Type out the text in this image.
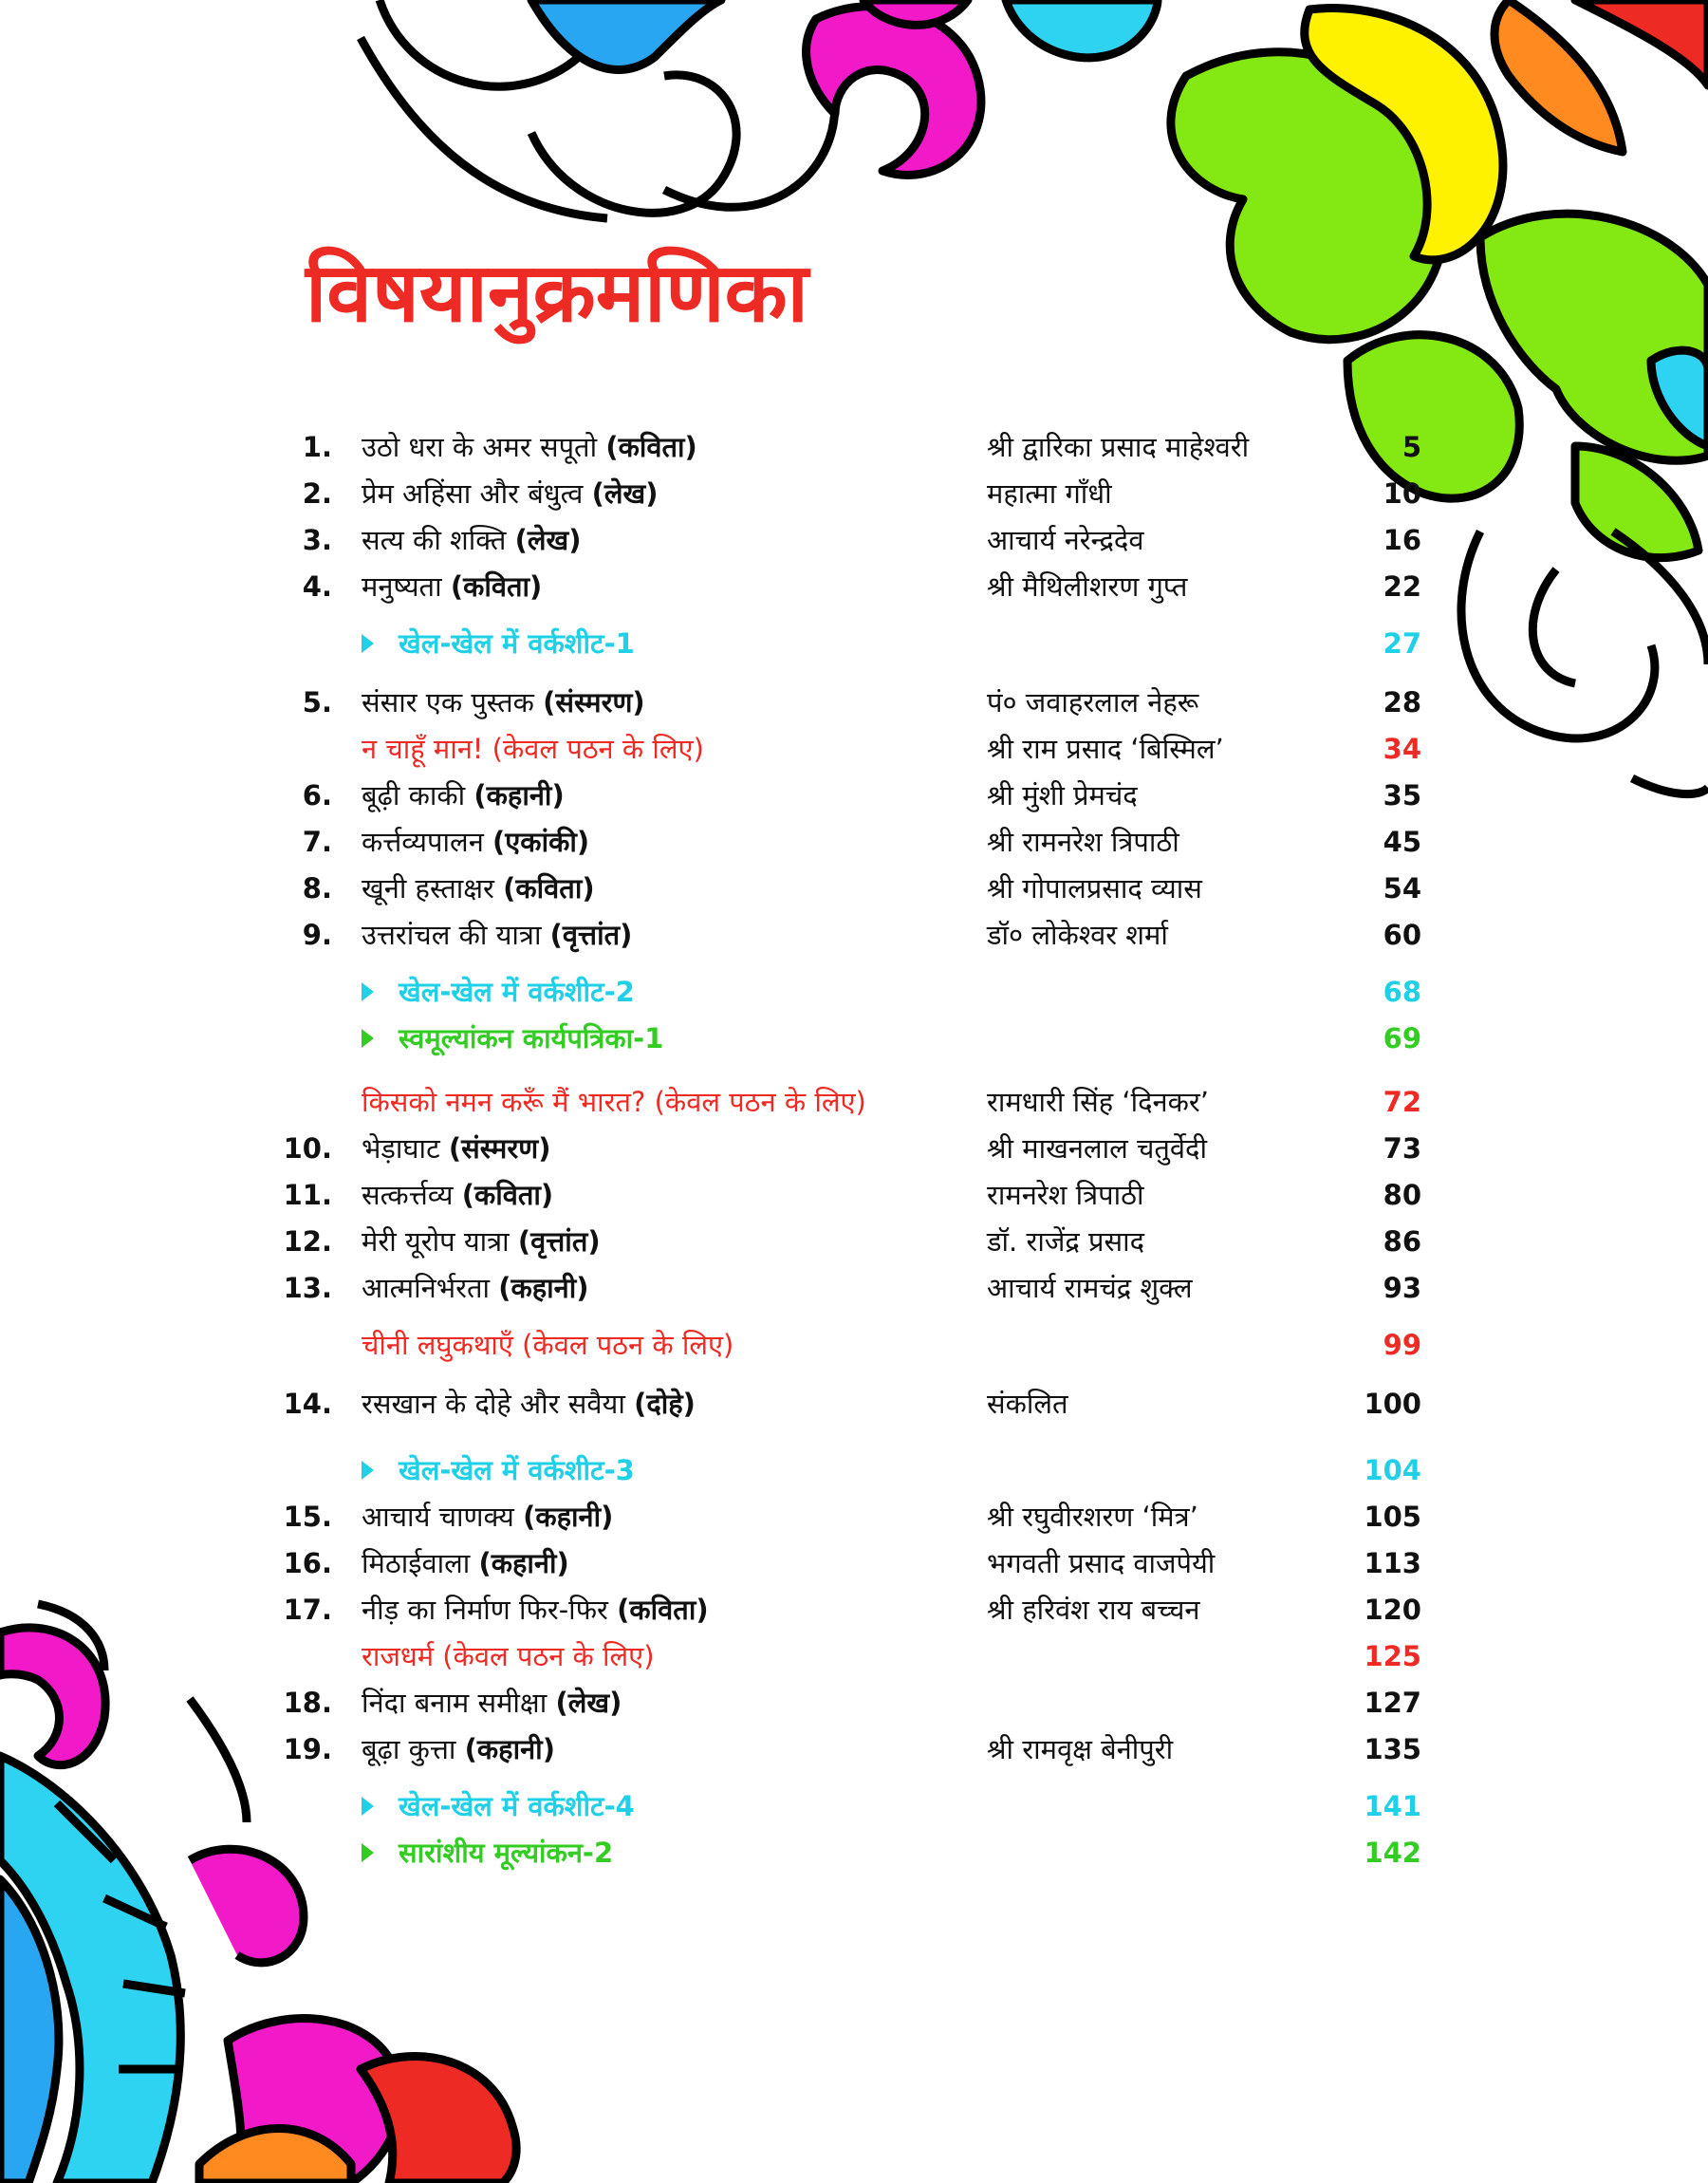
विषयानुक्रमणिका
1. उठो धरा के अमर सपूतो (कविता)	श्री द्वारिका प्रसाद माहेश्वरी	5
2. प्रेम अहिंसा और बंधुत्व (लेख)	महात्मा गाँधी	10
3. सत्य की शक्ति (लेख)	आचार्य नरेन्द्रदेव	16
4. मनुष्यता (कविता)	श्री मैथिलीशरण गुप्त	22
खेल-खेल में वर्कशीट-1	27
5. संसार एक पुस्तक (संस्मरण)	पं० जवाहरलाल नेहरू	28
न चाहूँ मान! (केवल पठन के लिए)	श्री राम प्रसाद ‘बिस्मिल’	34
6. बूढ़ी काकी (कहानी)	श्री मुंशी प्रेमचंद	35
7. कर्त्तव्यपालन (एकांकी)	श्री रामनरेश त्रिपाठी	45
8. खूनी हस्ताक्षर (कविता)	श्री गोपालप्रसाद व्यास	54
9. उत्तरांचल की यात्रा (वृत्तांत)	डॉ० लोकेश्वर शर्मा	60
खेल-खेल में वर्कशीट-2	68
स्वमूल्यांकन कार्यपत्रिका-1	69
किसको नमन करूँ मैं भारत? (केवल पठन के लिए)	रामधारी सिंह ‘दिनकर’	72
10. भेड़ाघाट (संस्मरण)	श्री माखनलाल चतुर्वेदी	73
11. सत्कर्त्तव्य (कविता)	रामनरेश त्रिपाठी	80
12. मेरी यूरोप यात्रा (वृत्तांत)	डॉ. राजेंद्र प्रसाद	86
13. आत्मनिर्भरता (कहानी)	आचार्य रामचंद्र शुक्ल	93
चीनी लघुकथाएँ (केवल पठन के लिए)	99
14. रसखान के दोहे और सवैया (दोहे)	संकलित	100
खेल-खेल में वर्कशीट-3	104
15. आचार्य चाणक्य (कहानी)	श्री रघुवीरशरण ‘मित्र’	105
16. मिठाईवाला (कहानी)	भगवती प्रसाद वाजपेयी	113
17. नीड़ का निर्माण फिर-फिर (कविता)	श्री हरिवंश राय बच्चन	120
राजधर्म (केवल पठन के लिए)	125
18. निंदा बनाम समीक्षा (लेख)	127
19. बूढ़ा कुत्ता (कहानी)	श्री रामवृक्ष बेनीपुरी	135
खेल-खेल में वर्कशीट-4	141
सारांशीय मूल्यांकन-2	142
